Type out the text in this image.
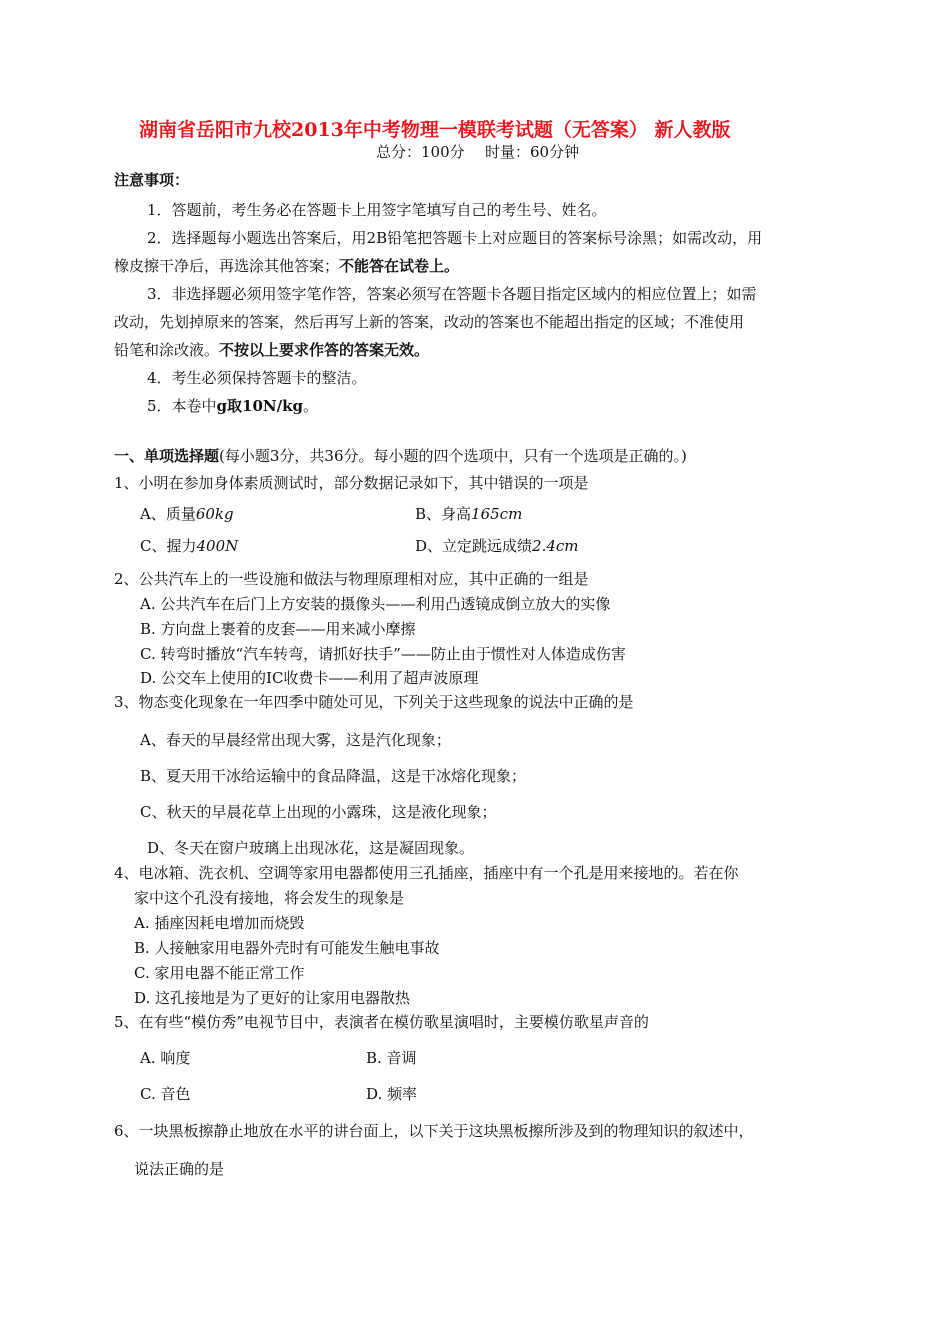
湖南省岳阳市九校2013年中考物理一模联考试题（无答案） 新人教版
总分：100分 时量：60分钟
注意事项：
1．答题前，考生务必在答题卡上用签字笔填写自己的考生号、姓名。
2．选择题每小题选出答案后，用2B铅笔把答题卡上对应题目的答案标号涂黑；如需改动，用
橡皮擦干净后，再选涂其他答案；不能答在试卷上。
3．非选择题必须用签字笔作答，答案必须写在答题卡各题目指定区域内的相应位置上；如需
改动，先划掉原来的答案，然后再写上新的答案，改动的答案也不能超出指定的区域；不准使用
铅笔和涂改液。不按以上要求作答的答案无效。
4．考生必须保持答题卡的整洁。
5．本卷中g取10N/kg。
一、单项选择题(每小题3分，共36分。每小题的四个选项中，只有一个选项是正确的。)
1、小明在参加身体素质测试时，部分数据记录如下，其中错误的一项是
A、质量60kg	B、身高165cm
C、握力400N	D、立定跳远成绩2.4cm
2、公共汽车上的一些设施和做法与物理原理相对应，其中正确的一组是
A. 公共汽车在后门上方安装的摄像头——利用凸透镜成倒立放大的实像
B. 方向盘上裹着的皮套——用来减小摩擦
C. 转弯时播放“汽车转弯，请抓好扶手”——防止由于惯性对人体造成伤害
D. 公交车上使用的IC收费卡——利用了超声波原理
3、物态变化现象在一年四季中随处可见，下列关于这些现象的说法中正确的是
A、春天的早晨经常出现大雾，这是汽化现象；
B、夏天用干冰给运输中的食品降温，这是干冰熔化现象；
C、秋天的早晨花草上出现的小露珠，这是液化现象；
D、冬天在窗户玻璃上出现冰花，这是凝固现象。
4、电冰箱、洗衣机、空调等家用电器都使用三孔插座，插座中有一个孔是用来接地的。若在你
家中这个孔没有接地，将会发生的现象是
A. 插座因耗电增加而烧毁
B. 人接触家用电器外壳时有可能发生触电事故
C. 家用电器不能正常工作
D. 这孔接地是为了更好的让家用电器散热
5、在有些“模仿秀”电视节目中，表演者在模仿歌星演唱时，主要模仿歌星声音的
A. 响度	B. 音调
C. 音色	D. 频率
6、一块黑板擦静止地放在水平的讲台面上，以下关于这块黑板擦所涉及到的物理知识的叙述中，
说法正确的是
